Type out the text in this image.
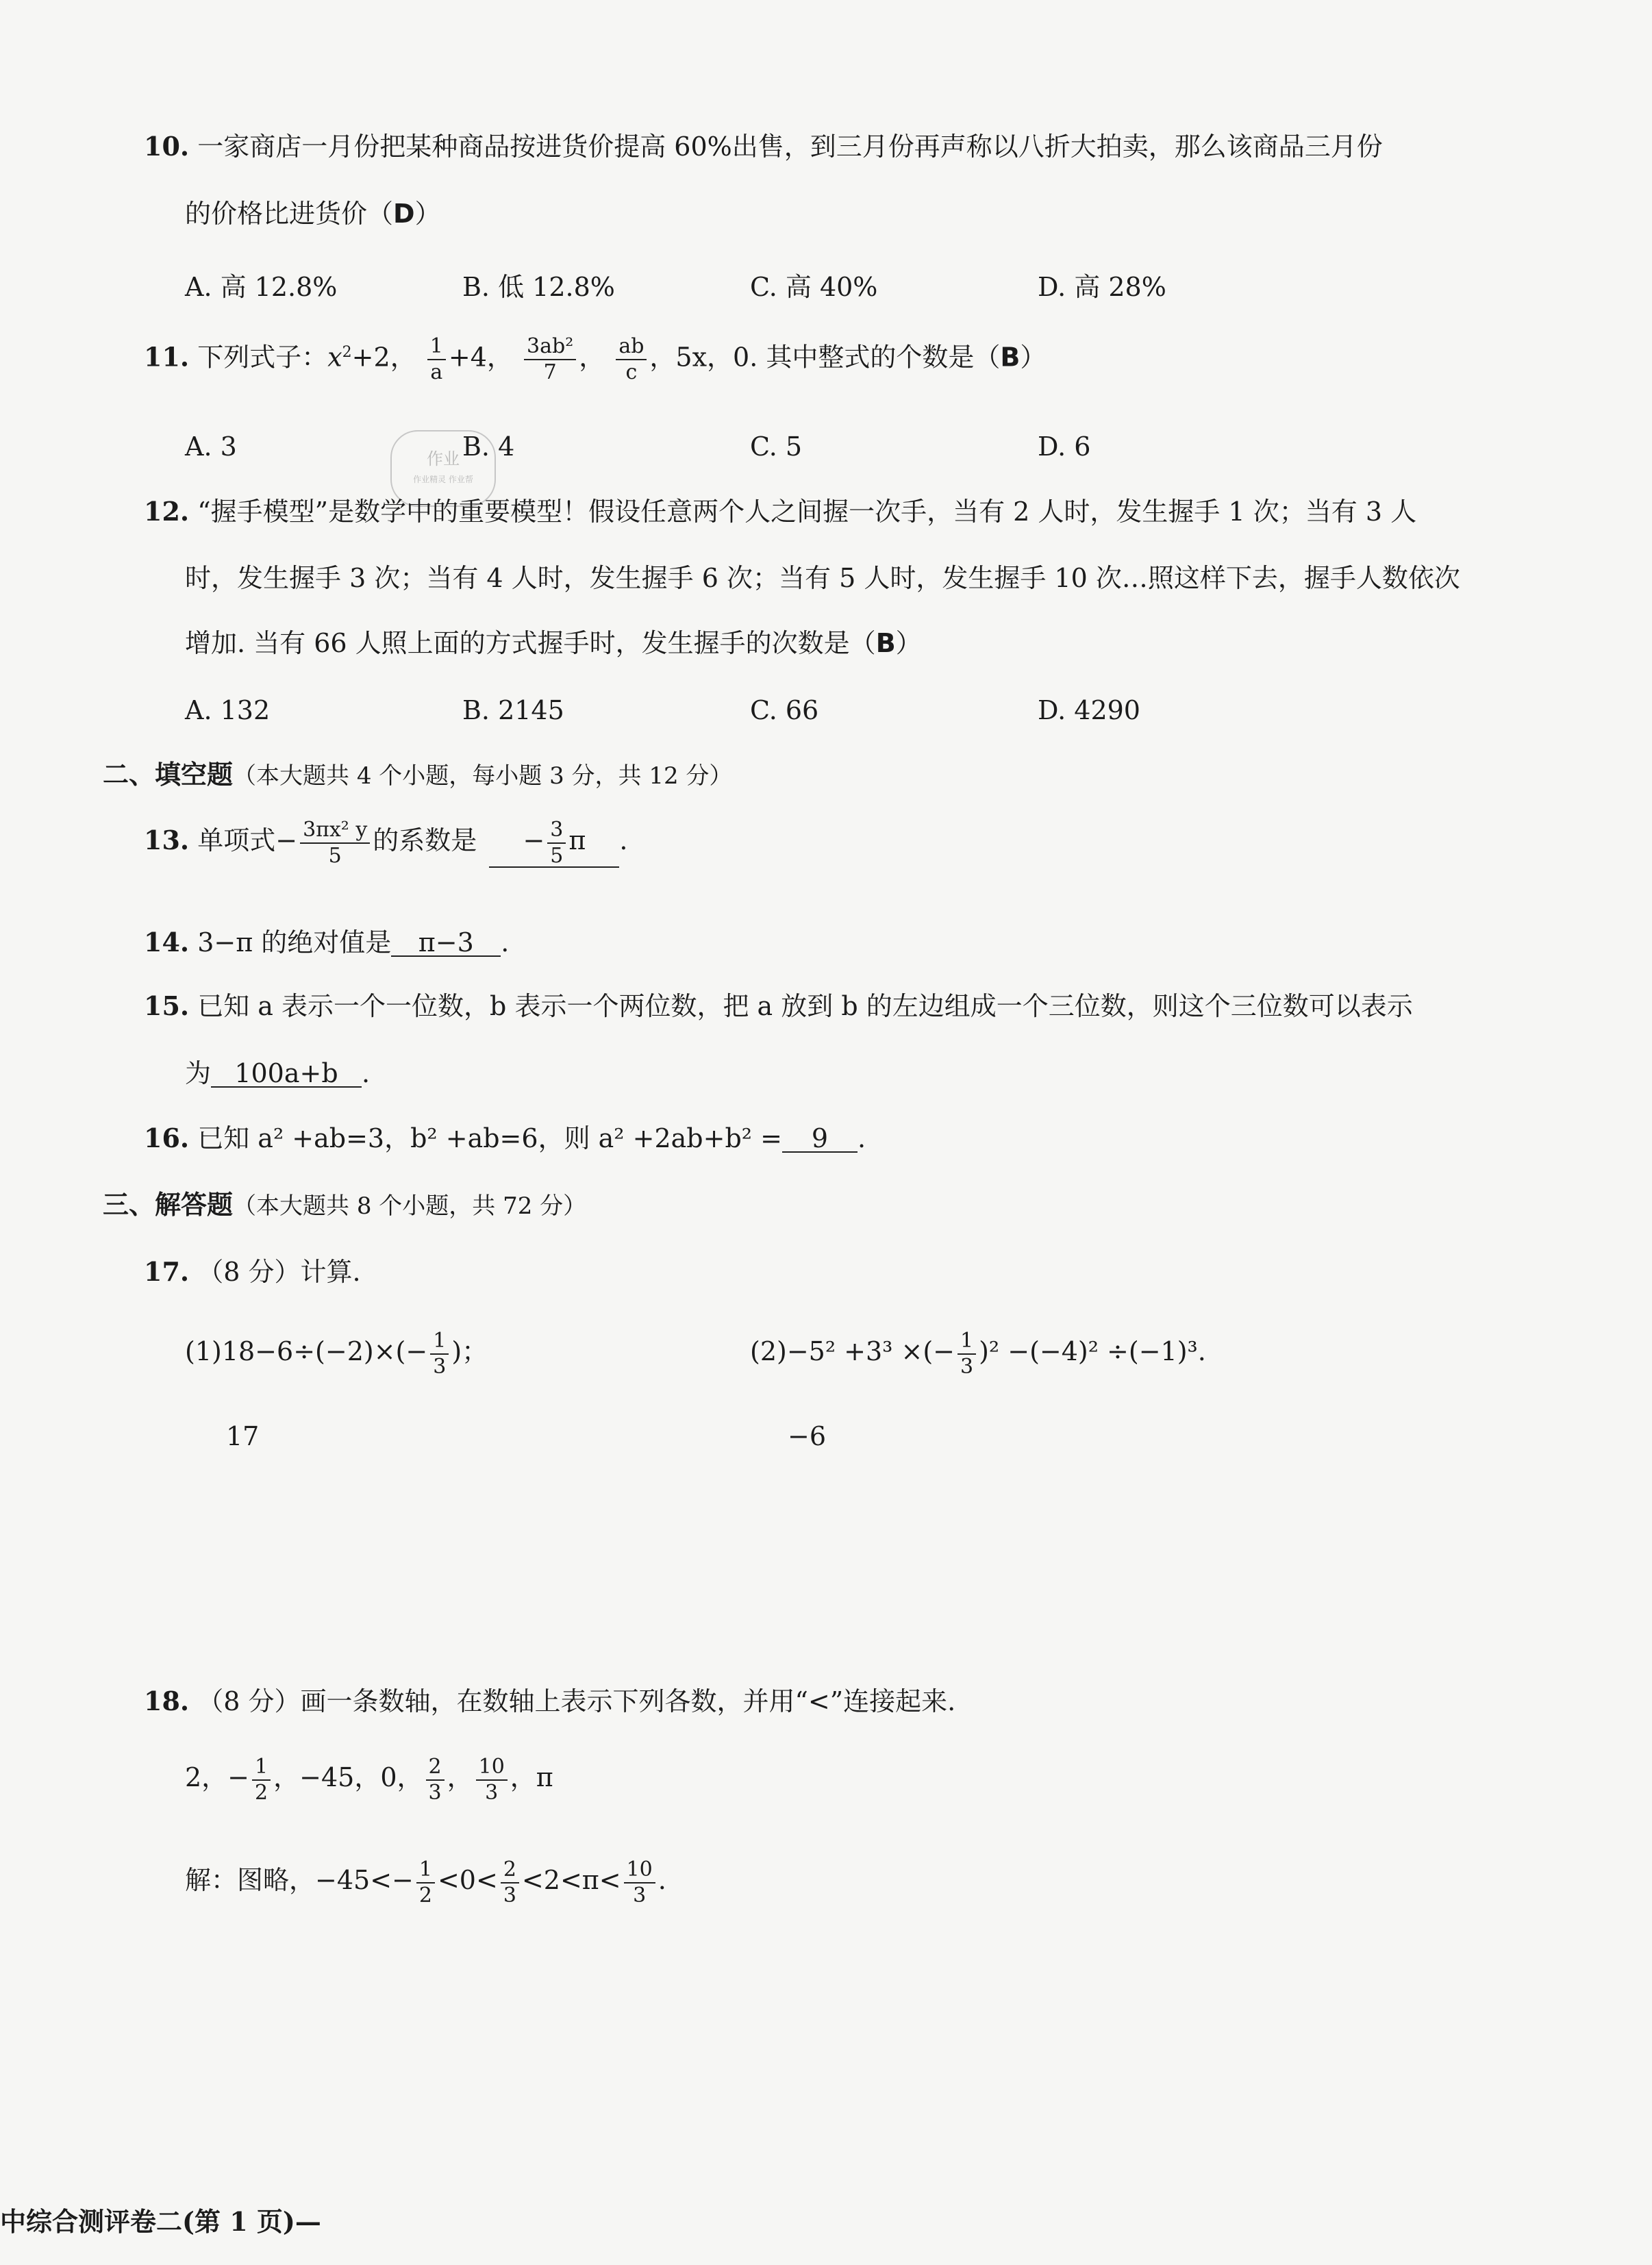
10. 一家商店一月份把某种商品按进货价提高 60%出售，到三月份再声称以八折大拍卖，那么该商品三月份
的价格比进货价（D）
A. 高 12.8%	B. 低 12.8%	C. 高 40%	D. 高 28%
11. 下列式子：$x^2+2$， $\frac{1}{a} +4$， $\frac{\text{3ab²}}{7}$ ， $\frac{ab}{c}$ ，5x，0. 其中整式的个数是（B）
A. 3	B. 4	C. 5	D. 6
作业
作业精灵 作业帮
12. “握手模型”是数学中的重要模型！假设任意两个人之间握一次手，当有 2 人时，发生握手 1 次；当有 3 人
时，发生握手 3 次；当有 4 人时，发生握手 6 次；当有 5 人时，发生握手 10 次…照这样下去，握手人数依次
增加. 当有 66 人照上面的方式握手时，发生握手的次数是（B）
A. 132	B. 2145	C. 66	D. 4290
二、填空题（本大题共 4 个小题，每小题 3 分，共 12 分）
13. 单项式− $\frac{\text{3πx² y}}{5}$ 的系数是 − $\frac{3}{5}$ π .
14. 3−π 的绝对值是 π−3 .
15. 已知 a 表示一个一位数，b 表示一个两位数，把 a 放到 b 的左边组成一个三位数，则这个三位数可以表示
为 100a+b .
16. 已知 a² +ab=3，b² +ab=6，则 a² +2ab+b² = 9 .
三、解答题（本大题共 8 个小题，共 72 分）
17. （8 分）计算.
$(1)18-6\div(-2)\times(- \frac{1}{3}$ )；	(2)−5² +3³ ×(− $\frac{1}{3} )^2 -(-4)^2 \div(-1)^3$.
17	−6
18. （8 分）画一条数轴，在数轴上表示下列各数，并用“<”连接起来.
2，− $\frac{1}{2}$ ，−45，0， $\frac{2}{3}$ ， $\frac{10}{3}$ ，π
解：图略，$-45<- \frac{1}{2} <0< \frac{2}{3} <2<\pi< \frac{10}{3}$ .
中综合测评卷二(第 1 页)—
